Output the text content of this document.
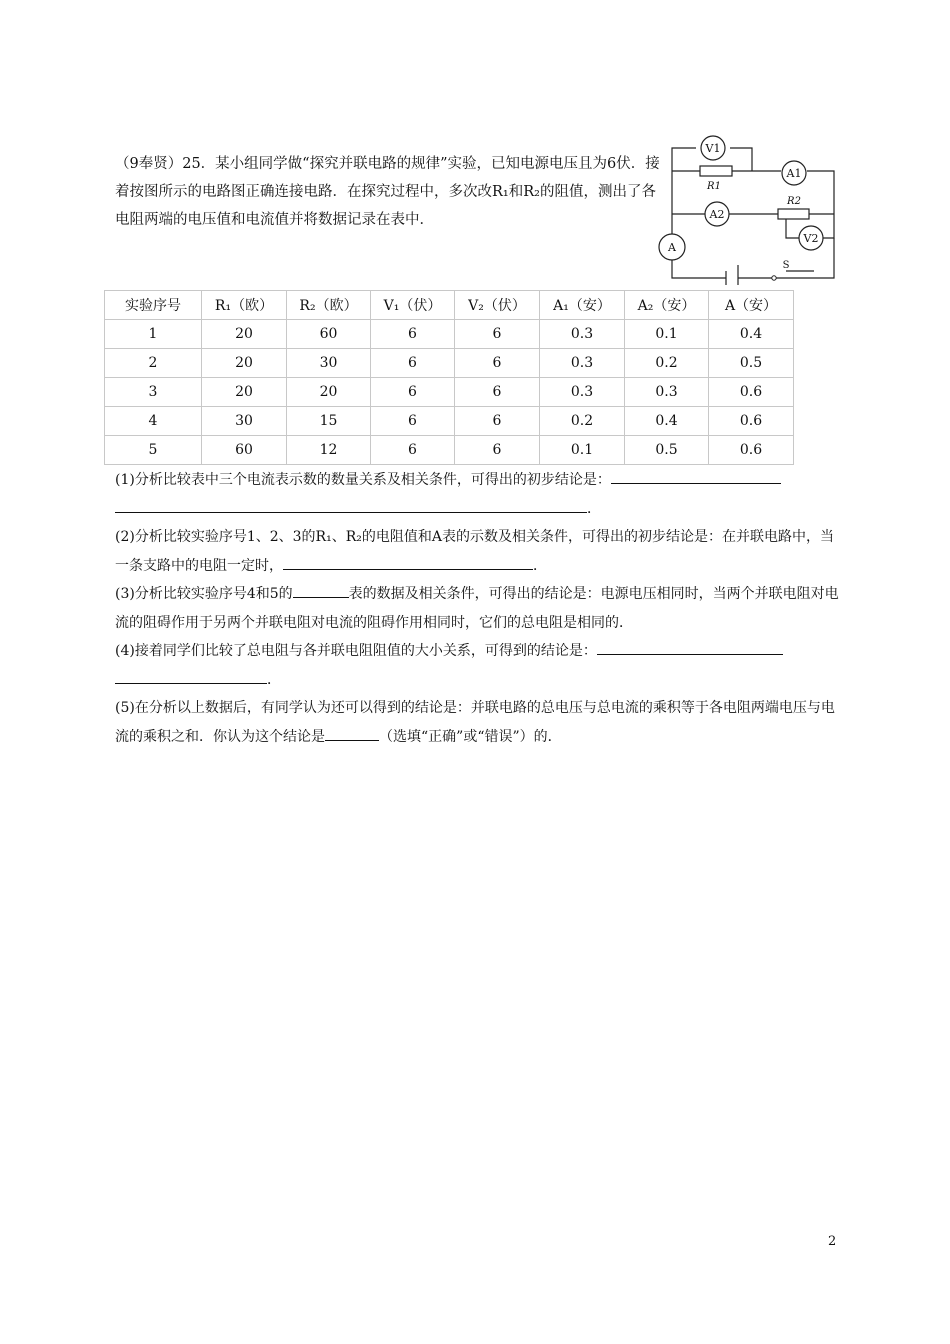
（9奉贤）25．某小组同学做“探究并联电路的规律”实验，已知电源电压且为6伏．接着按图所示的电路图正确连接电路．在探究过程中，多次改R₁和R₂的阻值，测出了各电阻两端的电压值和电流值并将数据记录在表中．
V1
A1
A2
V2
A
R1
R2
S
实验序号	R₁（欧）	R₂（欧）	V₁（伏）	V₂（伏）	A₁（安）	A₂（安）	A（安）
1	20	60	6	6	0.3	0.1	0.4
2	20	30	6	6	0.3	0.2	0.5
3	20	20	6	6	0.3	0.3	0.6
4	30	15	6	6	0.2	0.4	0.6
5	60	12	6	6	0.1	0.5	0.6

(1)分析比较表中三个电流表示数的数量关系及相关条件，可得出的初步结论是：
．

(2)分析比较实验序号1、2、3的R₁、R₂的电阻值和A表的示数及相关条件，可得出的初步结论是：在并联电路中，当一条支路中的电阻一定时，	．

(3)分析比较实验序号4和5的	表的数据及相关条件，可得出的结论是：电源电压相同时，当两个并联电阻对电流的阻碍作用于另两个并联电阻对电流的阻碍作用相同时，它们的总电阻是相同的．

(4)接着同学们比较了总电阻与各并联电阻阻值的大小关系，可得到的结论是：
．

(5)在分析以上数据后，有同学认为还可以得到的结论是：并联电路的总电压与总电流的乘积等于各电阻两端电压与电流的乘积之和．你认为这个结论是	（选填“正确”或“错误”）的．

2
